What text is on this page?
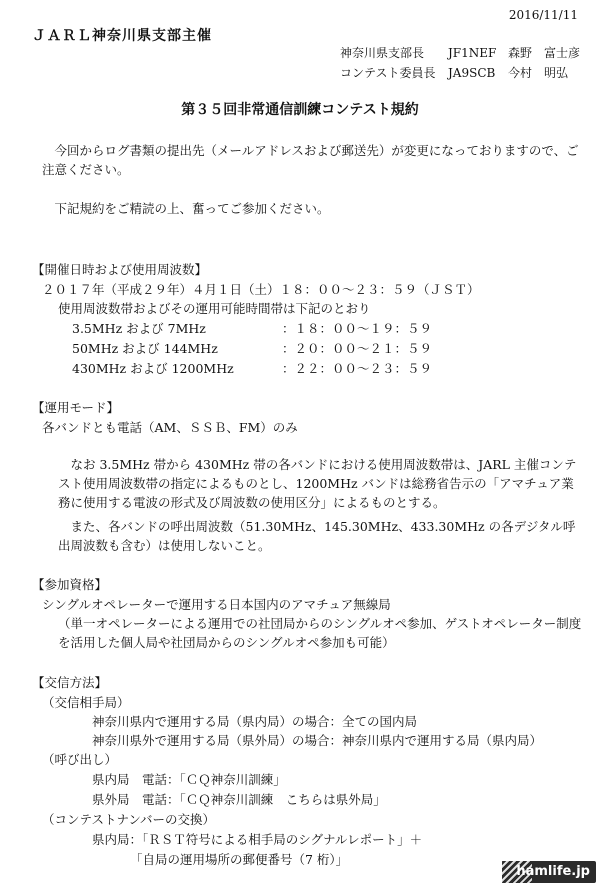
2016/11/11
ＪＡＲＬ神奈川県支部主催
神奈川県支部長 JF1NEF 森野　富士彦
コンテスト委員長 JA9SCB 今村　明弘
第３５回非常通信訓練コンテスト規約
今回からログ書類の提出先（メールアドレスおよび郵送先）が変更になっておりますので、ご注意ください。
下記規約をご精読の上、奮ってご参加ください。
【開催日時および使用周波数】
２０１７年（平成２９年）４月１日（土）１８：００～２３：５９（ＪＳＴ）
使用周波数帯およびその運用可能時間帯は下記のとおり
3.5MHz および 7MHz	：１８：００～１９：５９
50MHz および 144MHz	：２０：００～２１：５９
430MHz および 1200MHz	：２２：００～２３：５９
【運用モード】
各バンドとも電話（AM、ＳＳＢ、FM）のみ
なお 3.5MHz 帯から 430MHz 帯の各バンドにおける使用周波数帯は、JARL 主催コンテスト使用周波数帯の指定によるものとし、1200MHz バンドは総務省告示の「アマチュア業務に使用する電波の形式及び周波数の使用区分」によるものとする。
また、各バンドの呼出周波数（51.30MHz、145.30MHz、433.30MHz の各デジタル呼出周波数も含む）は使用しないこと。
【参加資格】
シングルオペレーターで運用する日本国内のアマチュア無線局
（単一オペレーターによる運用での社団局からのシングルオペ参加、ゲストオペレーター制度を活用した個人局や社団局からのシングルオペ参加も可能）
【交信方法】
（交信相手局）
神奈川県内で運用する局（県内局）の場合：全ての国内局
神奈川県外で運用する局（県外局）の場合：神奈川県内で運用する局（県内局）
（呼び出し）
県内局　電話：「ＣＱ神奈川訓練」
県外局　電話：「ＣＱ神奈川訓練　こちらは県外局」
（コンテストナンバーの交換）
県内局：「ＲＳＴ符号による相手局のシグナルレポート」＋
「自局の運用場所の郵便番号（7 桁）」
hamlife.jp
